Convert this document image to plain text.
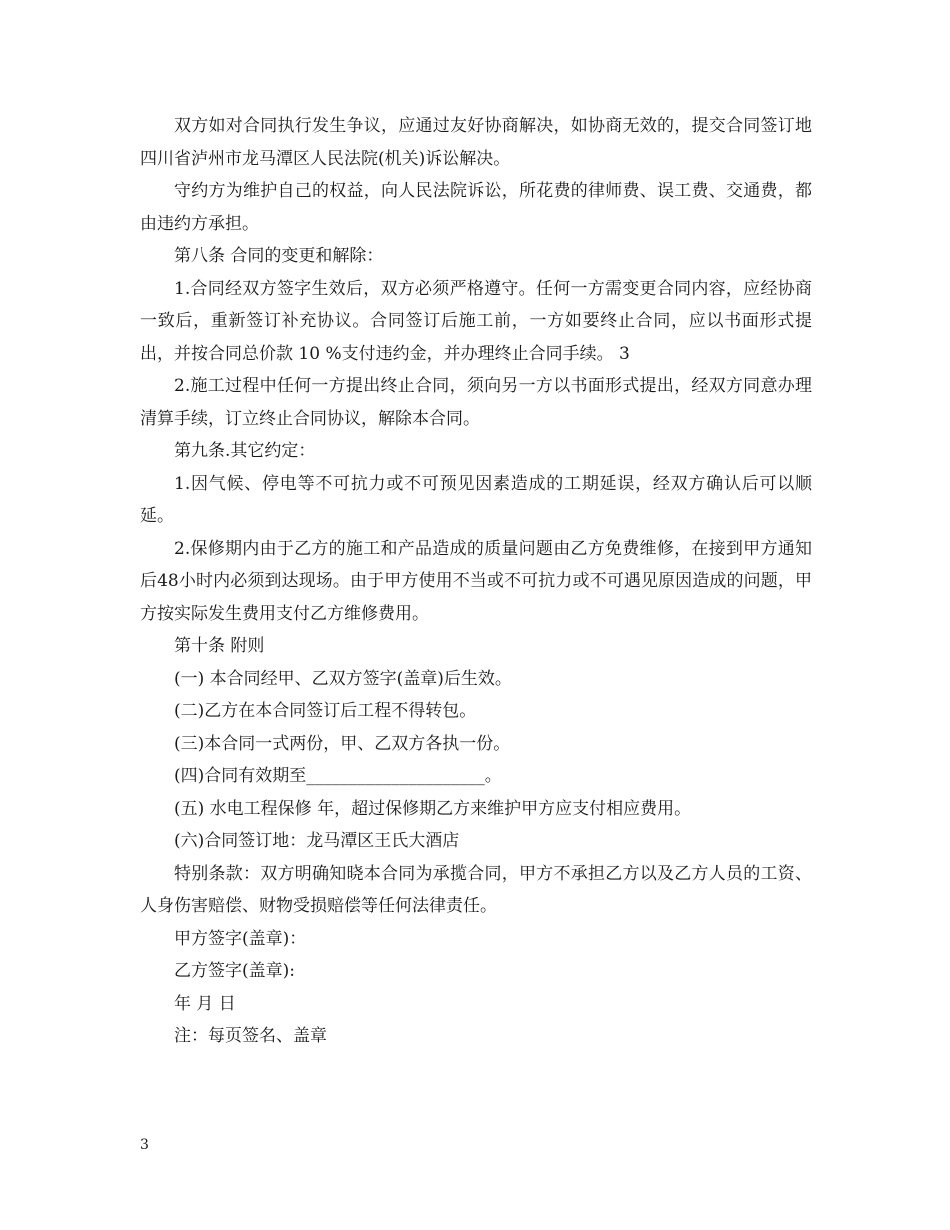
双方如对合同执行发生争议，应通过友好协商解决，如协商无效的，提交合同签订地四川省泸州市龙马潭区人民法院(机关)诉讼解决。

守约方为维护自己的权益，向人民法院诉讼，所花费的律师费、误工费、交通费，都由违约方承担。

第八条 合同的变更和解除：

1.合同经双方签字生效后，双方必须严格遵守。任何一方需变更合同内容，应经协商一致后，重新签订补充协议。合同签订后施工前，一方如要终止合同，应以书面形式提出，并按合同总价款 10 %支付违约金，并办理终止合同手续。 3

2.施工过程中任何一方提出终止合同，须向另一方以书面形式提出，经双方同意办理清算手续，订立终止合同协议，解除本合同。

第九条.其它约定：

1.因气候、停电等不可抗力或不可预见因素造成的工期延误，经双方确认后可以顺延。

2.保修期内由于乙方的施工和产品造成的质量问题由乙方免费维修，在接到甲方通知后48小时内必须到达现场。由于甲方使用不当或不可抗力或不可遇见原因造成的问题，甲方按实际发生费用支付乙方维修费用。

第十条 附则

(一) 本合同经甲、乙双方签字(盖章)后生效。

(二)乙方在本合同签订后工程不得转包。

(三)本合同一式两份，甲、乙双方各执一份。

(四)合同有效期至_____________________。

(五) 水电工程保修 年，超过保修期乙方来维护甲方应支付相应费用。

(六)合同签订地：龙马潭区王氏大酒店

特别条款：双方明确知晓本合同为承揽合同，甲方不承担乙方以及乙方人员的工资、人身伤害赔偿、财物受损赔偿等任何法律责任。

甲方签字(盖章)：

乙方签字(盖章):

年 月 日

注：每页签名、盖章

3
